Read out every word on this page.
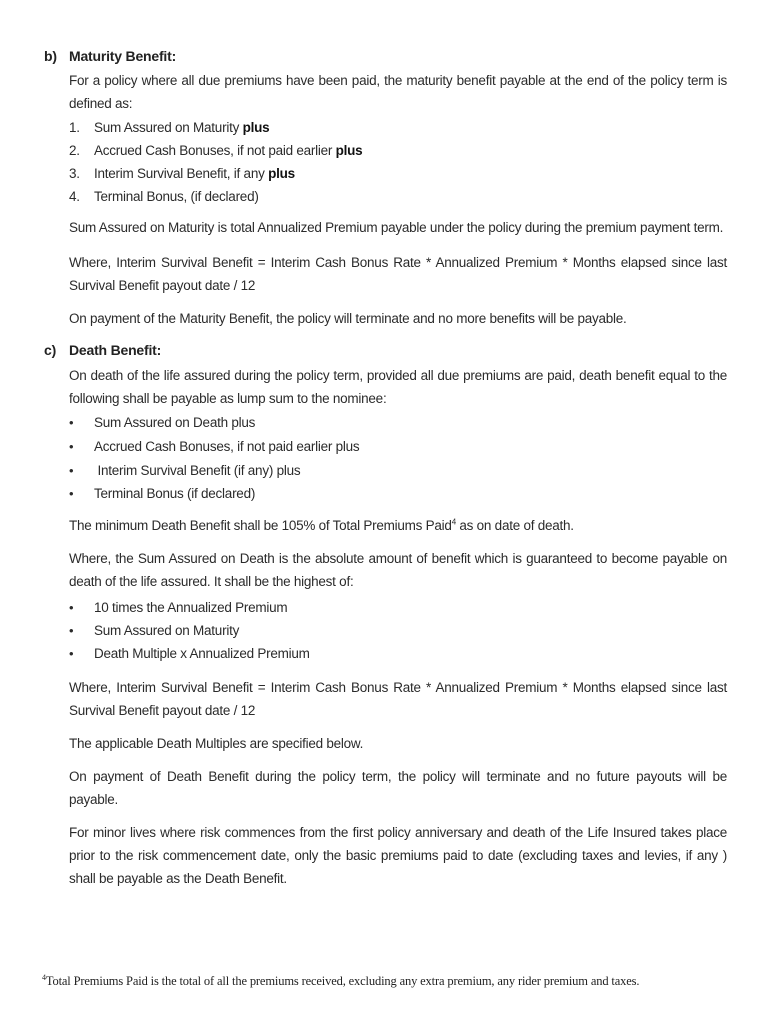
b) Maturity Benefit:
For a policy where all due premiums have been paid, the maturity benefit payable at the end of the policy term is
defined as:
1. Sum Assured on Maturity plus
2. Accrued Cash Bonuses, if not paid earlier plus
3. Interim Survival Benefit, if any plus
4. Terminal Bonus, (if declared)
Sum Assured on Maturity is total Annualized Premium payable under the policy during the premium payment term.
Where, Interim Survival Benefit = Interim Cash Bonus Rate * Annualized Premium * Months elapsed since last
Survival Benefit payout date / 12
On payment of the Maturity Benefit, the policy will terminate and no more benefits will be payable.
c) Death Benefit:
On death of the life assured during the policy term, provided all due premiums are paid, death benefit equal to the
following shall be payable as lump sum to the nominee:
• Sum Assured on Death plus
• Accrued Cash Bonuses, if not paid earlier plus
• Interim Survival Benefit (if any) plus
• Terminal Bonus (if declared)
The minimum Death Benefit shall be 105% of Total Premiums Paid$^4$ as on date of death.
Where, the Sum Assured on Death is the absolute amount of benefit which is guaranteed to become payable on
death of the life assured. It shall be the highest of:
• 10 times the Annualized Premium
• Sum Assured on Maturity
• Death Multiple x Annualized Premium
Where, Interim Survival Benefit = Interim Cash Bonus Rate * Annualized Premium * Months elapsed since last
Survival Benefit payout date / 12
The applicable Death Multiples are specified below.
On payment of Death Benefit during the policy term, the policy will terminate and no future payouts will be
payable.
For minor lives where risk commences from the first policy anniversary and death of the Life Insured takes place
prior to the risk commencement date, only the basic premiums paid to date (excluding taxes and levies, if any )
shall be payable as the Death Benefit.
$^4$Total Premiums Paid is the total of all the premiums received, excluding any extra premium, any rider premium and taxes.
